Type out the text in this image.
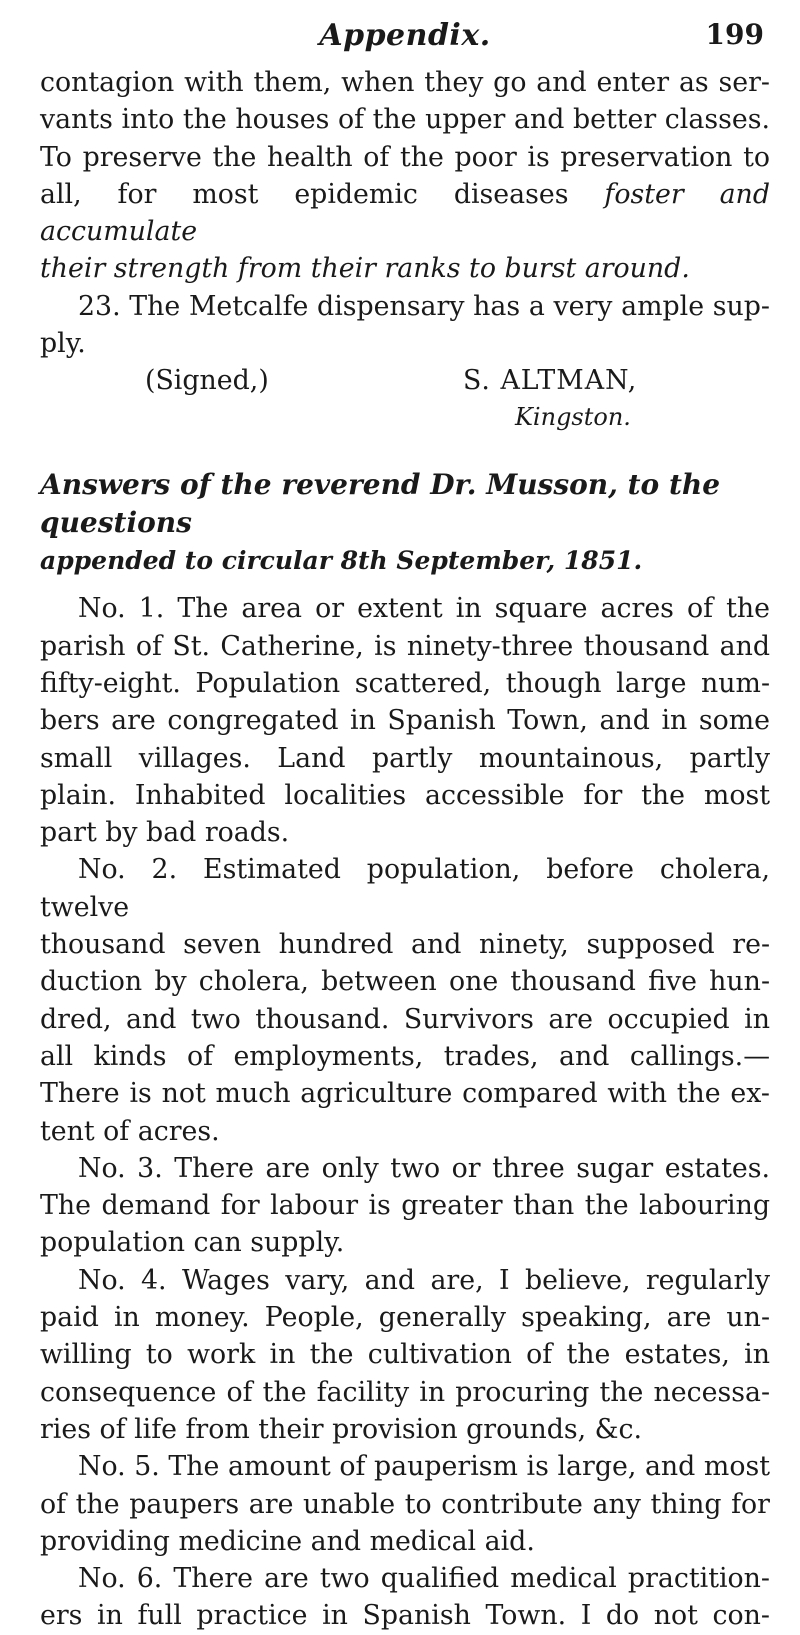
Appendix.	199

contagion with them, when they go and enter as ser-

vants into the houses of the upper and better classes.

To preserve the health of the poor is preservation to

all, for most epidemic diseases foster and accumulate

their strength from their ranks to burst around.

23. The Metcalfe dispensary has a very ample sup-

ply.

(Signed,)	S. ALTMAN,
Kingston.

Answers of the reverend Dr. Musson, to the questions

appended to circular 8th September, 1851.

No. 1. The area or extent in square acres of the

parish of St. Catherine, is ninety-three thousand and

fifty-eight. Population scattered, though large num-

bers are congregated in Spanish Town, and in some

small villages. Land partly mountainous, partly

plain. Inhabited localities accessible for the most

part by bad roads.

No. 2. Estimated population, before cholera, twelve

thousand seven hundred and ninety, supposed re-

duction by cholera, between one thousand five hun-

dred, and two thousand. Survivors are occupied in

all kinds of employments, trades, and callings.—

There is not much agriculture compared with the ex-

tent of acres.

No. 3. There are only two or three sugar estates.

The demand for labour is greater than the labouring

population can supply.

No. 4. Wages vary, and are, I believe, regularly

paid in money. People, generally speaking, are un-

willing to work in the cultivation of the estates, in

consequence of the facility in procuring the necessa-

ries of life from their provision grounds, &c.

No. 5. The amount of pauperism is large, and most

of the paupers are unable to contribute any thing for

providing medicine and medical aid.

No. 6. There are two qualified medical practition-

ers in full practice in Spanish Town. I do not con-
